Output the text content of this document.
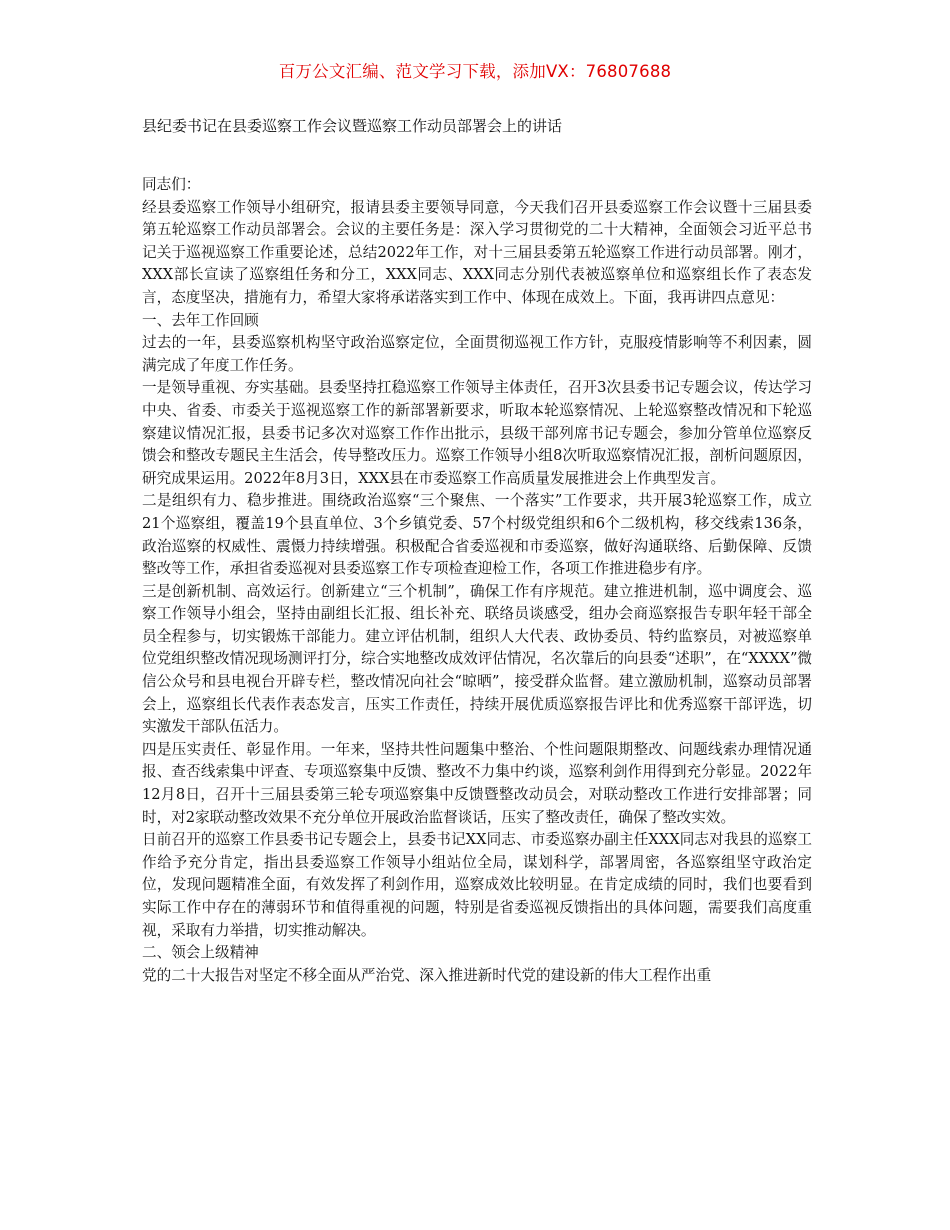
百万公文汇编、范文学习下载，添加VX：76807688
县纪委书记在县委巡察工作会议暨巡察工作动员部署会上的讲话

同志们：

经县委巡察工作领导小组研究，报请县委主要领导同意，今天我们召开县委巡察工作会议暨十三届县委第五轮巡察工作动员部署会。会议的主要任务是：深入学习贯彻党的二十大精神，全面领会习近平总书记关于巡视巡察工作重要论述，总结2022年工作，对十三届县委第五轮巡察工作进行动员部署。刚才，XXX部长宣读了巡察组任务和分工，XXX同志、XXX同志分别代表被巡察单位和巡察组长作了表态发言，态度坚决，措施有力，希望大家将承诺落实到工作中、体现在成效上。下面，我再讲四点意见：

一、去年工作回顾

过去的一年，县委巡察机构坚守政治巡察定位，全面贯彻巡视工作方针，克服疫情影响等不利因素，圆满完成了年度工作任务。

一是领导重视、夯实基础。县委坚持扛稳巡察工作领导主体责任，召开3次县委书记专题会议，传达学习中央、省委、市委关于巡视巡察工作的新部署新要求，听取本轮巡察情况、上轮巡察整改情况和下轮巡察建议情况汇报，县委书记多次对巡察工作作出批示，县级干部列席书记专题会，参加分管单位巡察反馈会和整改专题民主生活会，传导整改压力。巡察工作领导小组8次听取巡察情况汇报，剖析问题原因，研究成果运用。2022年8月3日，XXX县在市委巡察工作高质量发展推进会上作典型发言。

二是组织有力、稳步推进。围绕政治巡察“三个聚焦、一个落实”工作要求，共开展3轮巡察工作，成立21个巡察组，覆盖19个县直单位、3个乡镇党委、57个村级党组织和6个二级机构，移交线索136条，政治巡察的权威性、震慑力持续增强。积极配合省委巡视和市委巡察，做好沟通联络、后勤保障、反馈整改等工作，承担省委巡视对县委巡察工作专项检查迎检工作，各项工作推进稳步有序。

三是创新机制、高效运行。创新建立“三个机制”，确保工作有序规范。建立推进机制，巡中调度会、巡察工作领导小组会，坚持由副组长汇报、组长补充、联络员谈感受，组办会商巡察报告专职年轻干部全员全程参与，切实锻炼干部能力。建立评估机制，组织人大代表、政协委员、特约监察员，对被巡察单位党组织整改情况现场测评打分，综合实地整改成效评估情况，名次靠后的向县委“述职”，在“XXXX”微信公众号和县电视台开辟专栏，整改情况向社会“晾晒”，接受群众监督。建立激励机制，巡察动员部署会上，巡察组长代表作表态发言，压实工作责任，持续开展优质巡察报告评比和优秀巡察干部评选，切实激发干部队伍活力。

四是压实责任、彰显作用。一年来，坚持共性问题集中整治、个性问题限期整改、问题线索办理情况通报、查否线索集中评查、专项巡察集中反馈、整改不力集中约谈，巡察利剑作用得到充分彰显。2022年12月8日，召开十三届县委第三轮专项巡察集中反馈暨整改动员会，对联动整改工作进行安排部署；同时，对2家联动整改效果不充分单位开展政治监督谈话，压实了整改责任，确保了整改实效。

日前召开的巡察工作县委书记专题会上，县委书记XX同志、市委巡察办副主任XXX同志对我县的巡察工作给予充分肯定，指出县委巡察工作领导小组站位全局，谋划科学，部署周密，各巡察组坚守政治定位，发现问题精准全面，有效发挥了利剑作用，巡察成效比较明显。在肯定成绩的同时，我们也要看到实际工作中存在的薄弱环节和值得重视的问题，特别是省委巡视反馈指出的具体问题，需要我们高度重视，采取有力举措，切实推动解决。

二、领会上级精神

党的二十大报告对坚定不移全面从严治党、深入推进新时代党的建设新的伟大工程作出重
